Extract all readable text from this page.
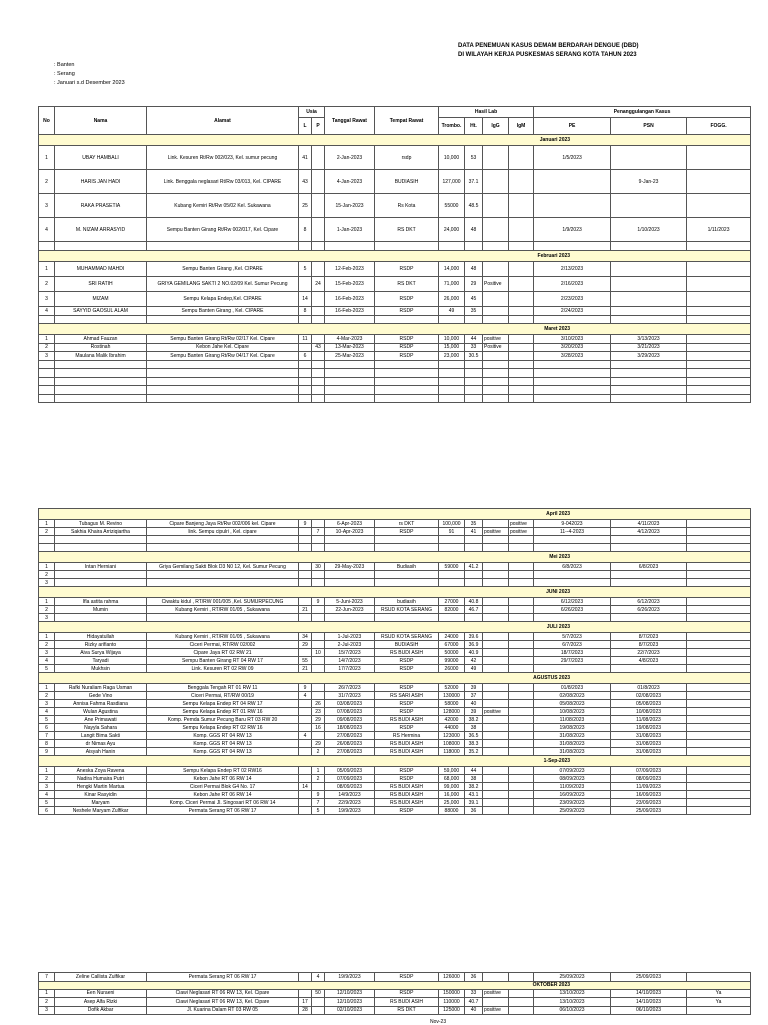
DATA PENEMUAN KASUS DEMAM BERDARAH DENGUE (DBD)
DI WILAYAH KERJA PUSKESMAS SERANG KOTA TAHUN 2023
: Banten
: Serang
: Januari s.d Desember 2023
No	Nama	Alamat	Usia		Tanggal Rawat	Tempat Rawat	Hasil Lab				Penanggulangan Kasus		
			L	P			Trombo.	Ht.	IgG	IgM	PE	PSN	FOGG.
Januari 2023													
1	UBAY HAMBALI	Link. Kesuren Rt/Rw 002/023, Kel. sumur pecung	41		2-Jan-2023	rsdp	10,000	53			1/5/2023		
2	HARIS JAN HADI	Link. Benggala neglasari Rt/Rw 03/013, Kel. CIPARE	43		4-Jan-2023	BUDIASIH	127,000	37.1				9-Jan-23	
3	RAKA PRASETIA	Kubang Kemiri Rt/Rw 05/02 Kel. Sukawana	25		15-Jan-2023	Rs Kota	55000	48.5					
4	M. NIZAM ARRASYID	Sempu Banten Girang Rt/Rw 002/017, Kel. Cipare	8		1-Jan-2023	RS DKT	24,000	48			1/9/2023	1/10/2023	1/11/2023

Februari 2023													
1	MUHAMMAD MAHDI	Sempu Banten Girang ,Kel. CIPARE	5		12-Feb-2023	RSDP	14,000	48			2/13/2023		
2	SRI RATIH	GRIYA GEMILANG SAKTI 2 NO.02/09 Kel. Sumur Pecung		24	15-Feb-2023	RS DKT	71,000	29	Positive		2/16/2023		
3	MIZAM	Sempu Kelapa Endep,Kel. CIPARE	14		16-Feb-2023	RSDP	26,000	45			2/23/2023		
4	SAYYID GAOSUL ALAM	Sempu Banten Girang , Kel. CIPARE	8		16-Feb-2023	RSDP	49	35			2/24/2023		

Maret 2023													
1	Ahmad Fauzan	Sempu Banten Girang Rt/Rw 02/17 Kel. Cipare	11		4-Mar-2023	RSDP	10,000	44	positive		3/10/2023	3/13/2023	
2	Rostinah	Kebon Jahe Kel. Cipare		43	13-Mar-2023	RSDP	15,000	33	Positive		3/20/2023	3/21/2023	
3	Maulana Malik Ibrahim	Sempu Banten Girang Rt/Rw 04/17 Kel. Cipare	6		25-Mar-2023	RSDP	23,000	30.5			3/28/2023	3/29/2023	

April 2023													
1	Tubagus M. Revino	Cipare Banjeng Jaya Rt/Rw 002/006 kel. Cipare	9		6-Apr-2023	rs DKT	100,000	35		positive	9-042023	4/11/2023	
2	Sakhia Khaira Arriziqiartha	link. Sempu cipulri , Kel. cipare		7	10-Apr-2023	RSDP	91	41	positive	positive	11--4-2023	4/12/2023	

Mei 2023													
1	Intan Herniani	Griya Gemilang Sakti Blok D3 N0 12, Kel. Sumur Pecung		30	29-May-2023	Budiasih	59000	41.2			6/8/2023	6/8/2023	
2													
3													
JUNI 2023													
1	Ifla astita rahma	Ciwaktu kidul , RT/RW 001/005 ,Kel. SUMURPECUNG		9	5-Juni-2023	budiasih	27000	40.8			6/12/2023	6/12/2023	
2	Mumin	Kubang Kemiri , RT/RW 01/05 , Sukawana	21		22-Jun-2023	RSUD KOTA SERANG	82000	46.7			6/26/2023	6/26/2023	
3													
JULI 2023													
1	Hidayatullah	Kubang Kemiri , RT/RW 01/05 , Sukawana	34		1-Jul-2023	RSUD KOTA SERANG	24000	39.6			5/7/2023	8/7/2023	
2	Rizky arifianto	Ciceri Permai, RT/RW 02/002	29		2-Jul-2023	BUDIASIH	67000	36.9			6/7/2023	8/7/2023	
3	Aiva Surya Wijaya	Cipare Jaya RT 02 RW 21		10	15/7/2023	RS BUDI ASIH	50000	40.9			18/7/2023	22/7/2023	
4	Taryadi	Sempu Banten Girang RT 04 RW 17	55		14/7/2023	RSDP	99000	42			29/7/2023	4/8/2023	
5	Mukhsin	Link. Kesuren RT 02 RW 09	21		17/7/2023	RSDP	26000	49					
AGUSTUS 2023													
1	Rafki Nuraliam Raga Usman	Benggala Tengah RT 01 RW 11	9		26/7/2023	RSDP	52000	39			01/8/2023	01/8/2023	
2	Gede Vino	Ciceri Permai, RT/RW 00/19	4		31/7/2023	RS SARI ASIH	130000	37			02/08/2023	02/08/2023	
3	Annisa Fahma Rasdiana	Sempu Kelapa Endep RT 04 RW 17		26	03/08/2023	RSDP	58000	40			05/08/2023	05/08/2023	
4	Wulan Agustina	Sempu Kelapa Endep RT 01 RW 16		23	07/08/2023	RSDP	128000	39	positive		10/08/2023	10/08/2023	
5	Ane Primawati	Komp. Pemda Sumur Pecung Baru RT 03 RW 20		29	09/08/2023	RS BUDI ASIH	42000	38.2			11/08/2023	11/08/2023	
6	Nayyla Sahara	Sempu Kelapa Endep RT 02 RW 16		16	18/08/2023	RSDP	44000	38			19/08/2023	19/08/2023	
7	Langit Bima Sakti	Komp. GGS RT 04 RW 13	4		27/08/2023	RS Hermina	123000	36.5			31/08/2023	31/08/2023	
8	dr Nimas Ayu	Komp. GGS RT 04 RW 13		29	26/08/2023	RS BUDI ASIH	108000	38.3			31/08/2023	31/08/2023	
9	Aisyah Hanin	Komp. GGS RT 04 RW 13		2	27/08/2023	RS BUDI ASIH	118000	35.2			31/08/2023	31/08/2023	
1-Sep-2023													
1	Aneska Zoya Ravena	Sempu Kelapa Endep RT 02 RW16		1	05/09/2023	RSDP	59,000	44			07/09/2023	07/09/2023	
2	Nadira Humaira Putri	Kebon Jahe RT 06 RW 14		2	07/09/2023	RSDP	68,000	38			08/09/2023	08/09/2023	
3	Hengki Martin Martua	Ciceri Permai Blok G4 No. 17	14		08/09/2023	RS BUDI ASIH	99,000	38.2			11/09/2023	11/09/2023	
4	Kinar Rasyidin	Kebon Jahe RT 06 RW 14		9	14/9/2023	RS BUDI ASIH	16,000	43.1			16/09/2023	16/09/2023	
5	Maryam	Komp. Ciceri Permai Jl. Singosari RT 06 RW 14		7	22/9/2023	RS BUDI ASIH	25,000	39.1			23/09/2023	23/09/2023	
6	Neshele Maryam Zulfikar	Permata Serang RT 06 RW 17		5	19/9/2023	RSDP	88000	36			25/09/2023	25/09/2023	
7	Zeline Callista Zulfikar	Permata Serang RT 06 RW 17		4	19/9/2023	RSDP	126000	36			25/09/2023	25/09/2023	
OKTOBER 2023													
1	Een Nuraeni	Ciawi Neglasari RT 06 RW 13, Kel. Cipare		50	12/10/2023	RSDP	150000	33	positive		13/10/2023	14/10/2023	Ya
2	Asep Alfa Rizki	Ciawi Neglasari RT 06 RW 13, Kel. Cipare	17		12/10/2023	RS BUDI ASIH	110000	40.7			13/10/2023	14/10/2023	Ya
3	Dofik Akbar	Jl. Kuarina Dalam RT 03 RW 05	28		02/10/2023	RS DKT	125000	40	positive		06/10/2023	06/10/2023	
Nov-23
